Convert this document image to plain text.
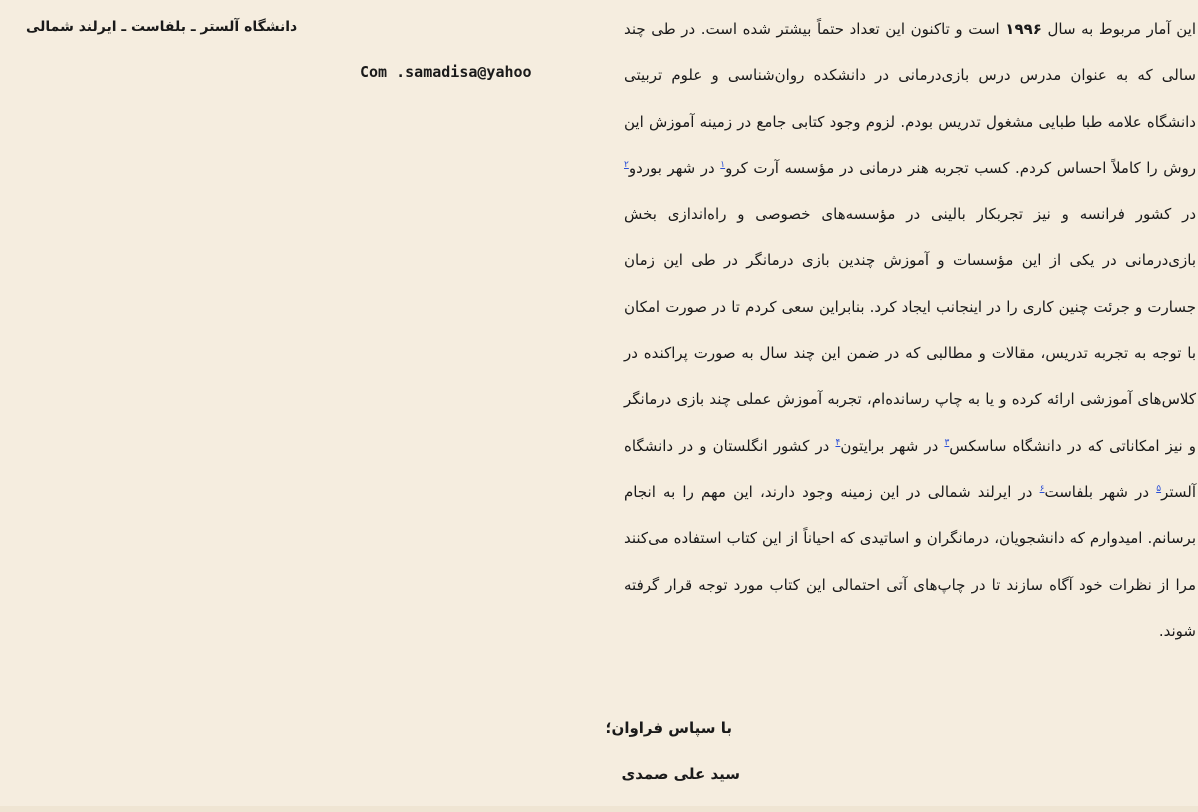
دانشگاه آلستر ـ بلفاست ـ ایرلند شمالی
Com .samadisa@yahoo

این آمار مربوط به سال ۱۹۹۶ است و تاکنون این تعداد حتماً بیشتر شده است. در طی چند سالی که به عنوان مدرس درس بازی‌درمانی در دانشکده روان‌شناسی و علوم تربیتی دانشگاه علامه طبا طبایی مشغول تدریس بودم. لزوم وجود کتابی جامع در زمینه آموزش این روش را کاملاً احساس کردم. کسب تجربه هنر درمانی در مؤسسه آرت کرو$^۱$ در شهر بوردو$^۲$ در کشور فرانسه و نیز تجربکار بالینی در مؤسسه‌های خصوصی و راه‌اندازی بخش بازی‌درمانی در یکی از این مؤسسات و آموزش چندین بازی درمانگر در طی این زمان جسارت و جرئت چنین کاری را در اینجانب ایجاد کرد. بنابراین سعی کردم تا در صورت امکان با توجه به تجربه تدریس، مقالات و مطالبی که در ضمن این چند سال به صورت پراکنده در کلاس‌های آموزشی ارائه کرده و یا به چاپ رسانده‌ام، تجربه آموزش عملی چند بازی درمانگر و نیز امکاناتی که در دانشگاه ساسکس$^۳$ در شهر برایتون$^۴$ در کشور انگلستان و در دانشگاه آلستر$^۵$ در شهر بلفاست$^۶$ در ایرلند شمالی در این زمینه وجود دارند، این مهم را به انجام برسانم. امیدوارم که دانشجویان، درمانگران و اساتیدی که احیاناً از این کتاب استفاده می‌کنند مرا از نظرات خود آگاه سازند تا در چاپ‌های آتی احتمالی این کتاب مورد توجه قرار گرفته شوند.

با سپاس فراوان؛
سید علی صمدی
